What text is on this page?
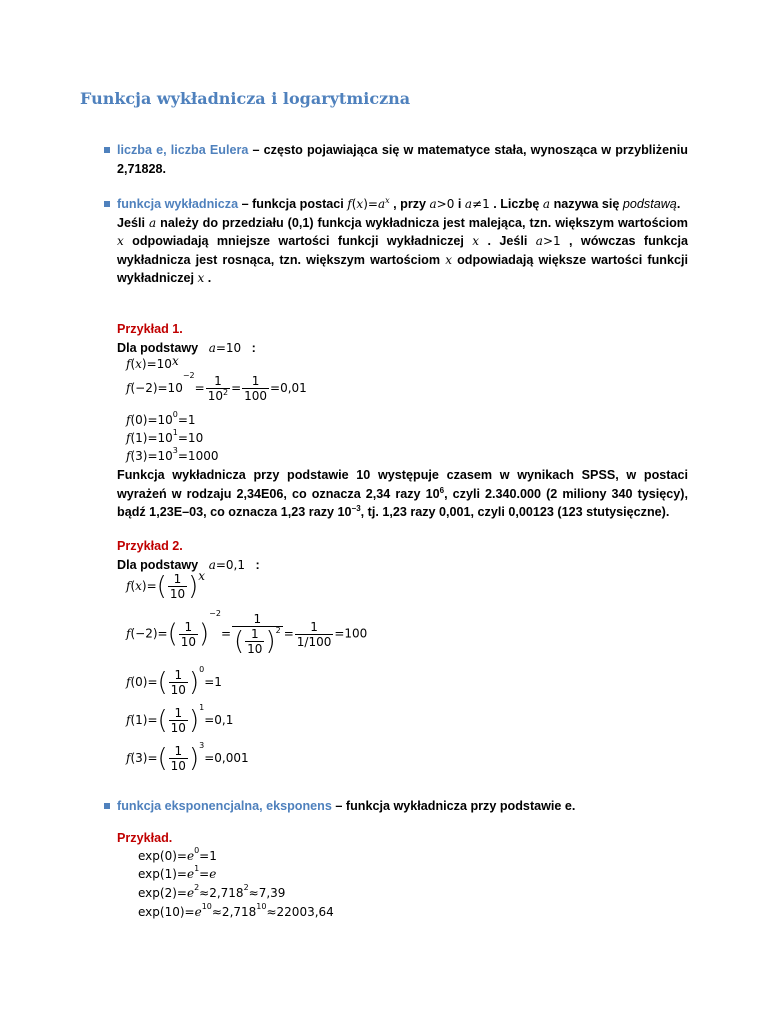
Funkcja wykładnicza i logarytmiczna
liczba e, liczba Eulera – często pojawiająca się w matematyce stała, wynosząca w przybliżeniu 2,71828.
funkcja wykładnicza – funkcja postaci $f(x)=a^x$ , przy a>0 i a≠1 . Liczbę a nazywa się podstawą.
Jeśli a należy do przedziału (0,1) funkcja wykładnicza jest malejąca, tzn. większym wartościom x odpowiadają mniejsze wartości funkcji wykładniczej x . Jeśli a>1 , wówczas funkcja wykładnicza jest rosnąca, tzn. większym wartościom x odpowiadają większe wartości funkcji wykładniczej x .
Przykład 1.
Dla podstawy a=10 :
$f(x)=10^x$
$f(-2)=10^{-2}= \frac{1}{10^2} = \frac{1}{100} =0,01$
$f(0)=10^0=1$
$f(1)=10^1=10$
$f(3)=10^3=1000$
Funkcja wykładnicza przy podstawie 10 występuje czasem w wynikach SPSS, w postaci wyrażeń w rodzaju 2,34E06, co oznacza 2,34 razy $10^6$, czyli 2.340.000 (2 miliony 340 tysięcy), bądź 1,23E–03, co oznacza 1,23 razy $10^{-3}$, tj. 1,23 razy 0,001, czyli 0,00123 (123 stutysięczne).
Przykład 2.
Dla podstawy a=0,1 :
$f(x)=( \frac{1}{10} )^x$
$f(-2)=( \frac{1}{10} )^{-2}= \frac{1}{( \frac{1}{10} )^2} = \frac{1}{1/100} =100$
$f(0)=( \frac{1}{10} )^0=1$
$f(1)=( \frac{1}{10} )^1=0,1$
$f(3)=( \frac{1}{10} )^3=0,001$
funkcja eksponencjalna, eksponens – funkcja wykładnicza przy podstawie e.
Przykład.
$\exp(0)=e^0=1$
$\exp(1)=e^1=e$
$\exp(2)=e^2\approx 2,718^2\approx 7,39$
$\exp(10)=e^{10}\approx 2,718^{10}\approx 22003,64$
